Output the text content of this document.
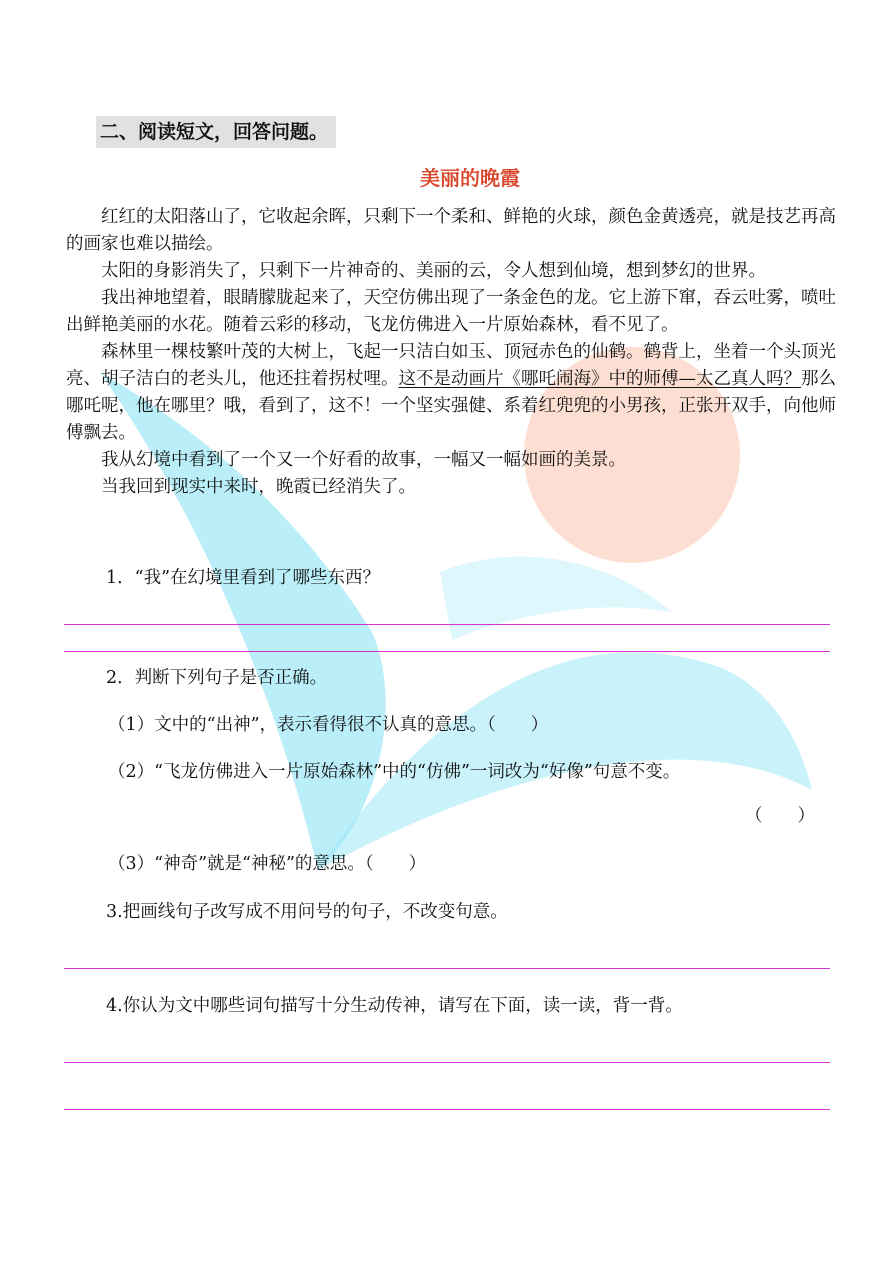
二、阅读短文，回答问题。
美丽的晚霞

红红的太阳落山了，它收起余晖，只剩下一个柔和、鲜艳的火球，颜色金黄透亮，就是技艺再高的画家也难以描绘。

太阳的身影消失了，只剩下一片神奇的、美丽的云，令人想到仙境，想到梦幻的世界。

我出神地望着，眼睛朦胧起来了，天空仿佛出现了一条金色的龙。它上游下窜，吞云吐雾，喷吐出鲜艳美丽的水花。随着云彩的移动，飞龙仿佛进入一片原始森林，看不见了。

森林里一棵枝繁叶茂的大树上，飞起一只洁白如玉、顶冠赤色的仙鹤。鹤背上，坐着一个头顶光亮、胡子洁白的老头儿，他还拄着拐杖哩。这不是动画片《哪吒闹海》中的师傅—太乙真人吗？那么哪吒呢，他在哪里？哦，看到了，这不！一个坚实强健、系着红兜兜的小男孩，正张开双手，向他师傅飘去。

我从幻境中看到了一个又一个好看的故事，一幅又一幅如画的美景。

当我回到现实中来时，晚霞已经消失了。

1．“我”在幻境里看到了哪些东西？
2．判断下列句子是否正确。
（1）文中的“出神”，表示看得很不认真的意思。（　　）
（2）“飞龙仿佛进入一片原始森林”中的“仿佛”一词改为“好像”句意不变。
（　　）
（3）“神奇”就是“神秘”的意思。（　　）
3.把画线句子改写成不用问号的句子，不改变句意。
4.你认为文中哪些词句描写十分生动传神，请写在下面，读一读，背一背。
